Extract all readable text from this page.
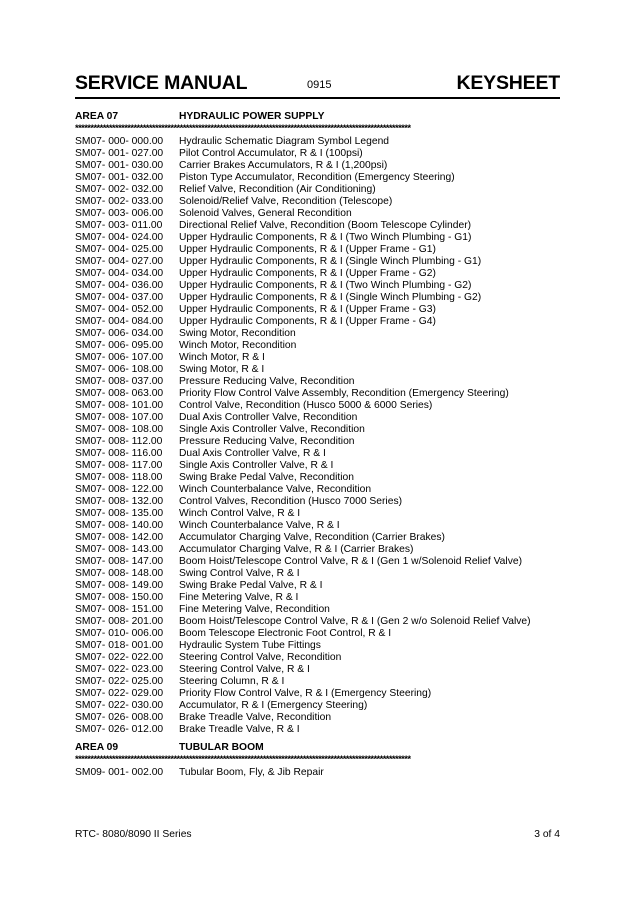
SERVICE MANUAL	0915	KEYSHEET
AREA 07	HYDRAULIC POWER SUPPLY
*************************************************************************************************************
SM07- 000- 000.00 Hydraulic Schematic Diagram Symbol Legend
SM07- 001- 027.00 Pilot Control Accumulator, R & I (100psi)
SM07- 001- 030.00 Carrier Brakes Accumulators, R & I (1,200psi)
SM07- 001- 032.00 Piston Type Accumulator, Recondition (Emergency Steering)
SM07- 002- 032.00 Relief Valve, Recondition (Air Conditioning)
SM07- 002- 033.00 Solenoid/Relief Valve, Recondition (Telescope)
SM07- 003- 006.00 Solenoid Valves, General Recondition
SM07- 003- 011.00 Directional Relief Valve, Recondition (Boom Telescope Cylinder)
SM07- 004- 024.00 Upper Hydraulic Components, R & I (Two Winch Plumbing - G1)
SM07- 004- 025.00 Upper Hydraulic Components, R & I (Upper Frame - G1)
SM07- 004- 027.00 Upper Hydraulic Components, R & I (Single Winch Plumbing - G1)
SM07- 004- 034.00 Upper Hydraulic Components, R & I (Upper Frame - G2)
SM07- 004- 036.00 Upper Hydraulic Components, R & I (Two Winch Plumbing - G2)
SM07- 004- 037.00 Upper Hydraulic Components, R & I (Single Winch Plumbing - G2)
SM07- 004- 052.00 Upper Hydraulic Components, R & I (Upper Frame - G3)
SM07- 004- 084.00 Upper Hydraulic Components, R & I (Upper Frame - G4)
SM07- 006- 034.00 Swing Motor, Recondition
SM07- 006- 095.00 Winch Motor, Recondition
SM07- 006- 107.00 Winch Motor, R & I
SM07- 006- 108.00 Swing Motor, R & I
SM07- 008- 037.00 Pressure Reducing Valve, Recondition
SM07- 008- 063.00 Priority Flow Control Valve Assembly, Recondition (Emergency Steering)
SM07- 008- 101.00 Control Valve, Recondition (Husco 5000 & 6000 Series)
SM07- 008- 107.00 Dual Axis Controller Valve, Recondition
SM07- 008- 108.00 Single Axis Controller Valve, Recondition
SM07- 008- 112.00 Pressure Reducing Valve, Recondition
SM07- 008- 116.00 Dual Axis Controller Valve, R & I
SM07- 008- 117.00 Single Axis Controller Valve, R & I
SM07- 008- 118.00 Swing Brake Pedal Valve, Recondition
SM07- 008- 122.00 Winch Counterbalance Valve, Recondition
SM07- 008- 132.00 Control Valves, Recondition (Husco 7000 Series)
SM07- 008- 135.00 Winch Control Valve, R & I
SM07- 008- 140.00 Winch Counterbalance Valve, R & I
SM07- 008- 142.00 Accumulator Charging Valve, Recondition (Carrier Brakes)
SM07- 008- 143.00 Accumulator Charging Valve, R & I (Carrier Brakes)
SM07- 008- 147.00 Boom Hoist/Telescope Control Valve, R & I (Gen 1 w/Solenoid Relief Valve)
SM07- 008- 148.00 Swing Control Valve, R & I
SM07- 008- 149.00 Swing Brake Pedal Valve, R & I
SM07- 008- 150.00 Fine Metering Valve, R & I
SM07- 008- 151.00 Fine Metering Valve, Recondition
SM07- 008- 201.00 Boom Hoist/Telescope Control Valve, R & I (Gen 2 w/o Solenoid Relief Valve)
SM07- 010- 006.00 Boom Telescope Electronic Foot Control, R & I
SM07- 018- 001.00 Hydraulic System Tube Fittings
SM07- 022- 022.00 Steering Control Valve, Recondition
SM07- 022- 023.00 Steering Control Valve, R & I
SM07- 022- 025.00 Steering Column, R & I
SM07- 022- 029.00 Priority Flow Control Valve, R & I (Emergency Steering)
SM07- 022- 030.00 Accumulator, R & I (Emergency Steering)
SM07- 026- 008.00 Brake Treadle Valve, Recondition
SM07- 026- 012.00 Brake Treadle Valve, R & I
AREA 09	TUBULAR BOOM
*************************************************************************************************************
SM09- 001- 002.00 Tubular Boom, Fly, & Jib Repair
RTC- 8080/8090 II Series	3 of 4
